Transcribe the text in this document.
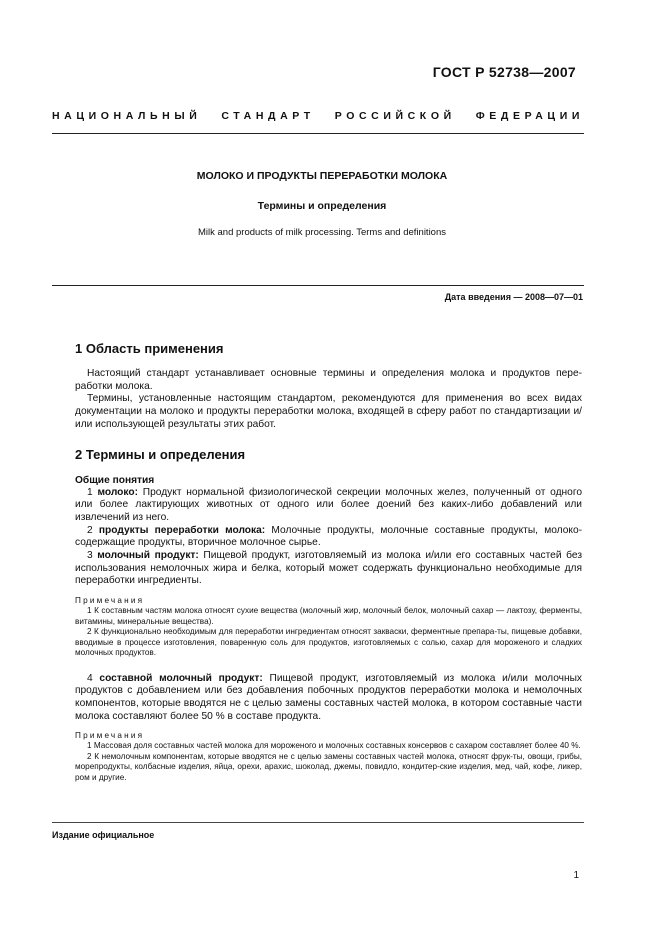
ГОСТ Р 52738—2007
НАЦИОНАЛЬНЫЙ СТАНДАРТ РОССИЙСКОЙ ФЕДЕРАЦИИ
МОЛОКО И ПРОДУКТЫ ПЕРЕРАБОТКИ МОЛОКА
Термины и определения
Milk and products of milk processing. Terms and definitions
Дата введения — 2008—07—01
1 Область применения

Настоящий стандарт устанавливает основные термины и определения молока и продуктов пере-работки молока.

Термины, установленные настоящим стандартом, рекомендуются для применения во всех видах документации на молоко и продукты переработки молока, входящей в сферу работ по стандартизации и/или использующей результаты этих работ.

2 Термины и определения
Общие понятия

1 молоко: Продукт нормальной физиологической секреции молочных желез, полученный от одного или более лактирующих животных от одного или более доений без каких-либо добавлений или извлечений из него.

2 продукты переработки молока: Молочные продукты, молочные составные продукты, молоко-содержащие продукты, вторичное молочное сырье.

3 молочный продукт: Пищевой продукт, изготовляемый из молока и/или его составных частей без использования немолочных жира и белка, который может содержать функционально необходимые для переработки ингредиенты.

Примечания

1 К составным частям молока относят сухие вещества (молочный жир, молочный белок, молочный сахар — лактозу, ферменты, витамины, минеральные вещества).

2 К функционально необходимым для переработки ингредиентам относят закваски, ферментные препара-ты, пищевые добавки, вводимые в процессе изготовления, поваренную соль для продуктов, изготовляемых с солью, сахар для мороженого и сладких молочных продуктов.

4 составной молочный продукт: Пищевой продукт, изготовляемый из молока и/или молочных продуктов с добавлением или без добавления побочных продуктов переработки молока и немолочных компонентов, которые вводятся не с целью замены составных частей молока, в котором составные части молока составляют более 50 % в составе продукта.

Примечания

1 Массовая доля составных частей молока для мороженого и молочных составных консервов с сахаром составляет более 40 %.

2 К немолочным компонентам, которые вводятся не с целью замены составных частей молока, относят фрук-ты, овощи, грибы, морепродукты, колбасные изделия, яйца, орехи, арахис, шоколад, джемы, повидло, кондитер-ские изделия, мед, чай, кофе, ликер, ром и другие.

Издание официальное
1
